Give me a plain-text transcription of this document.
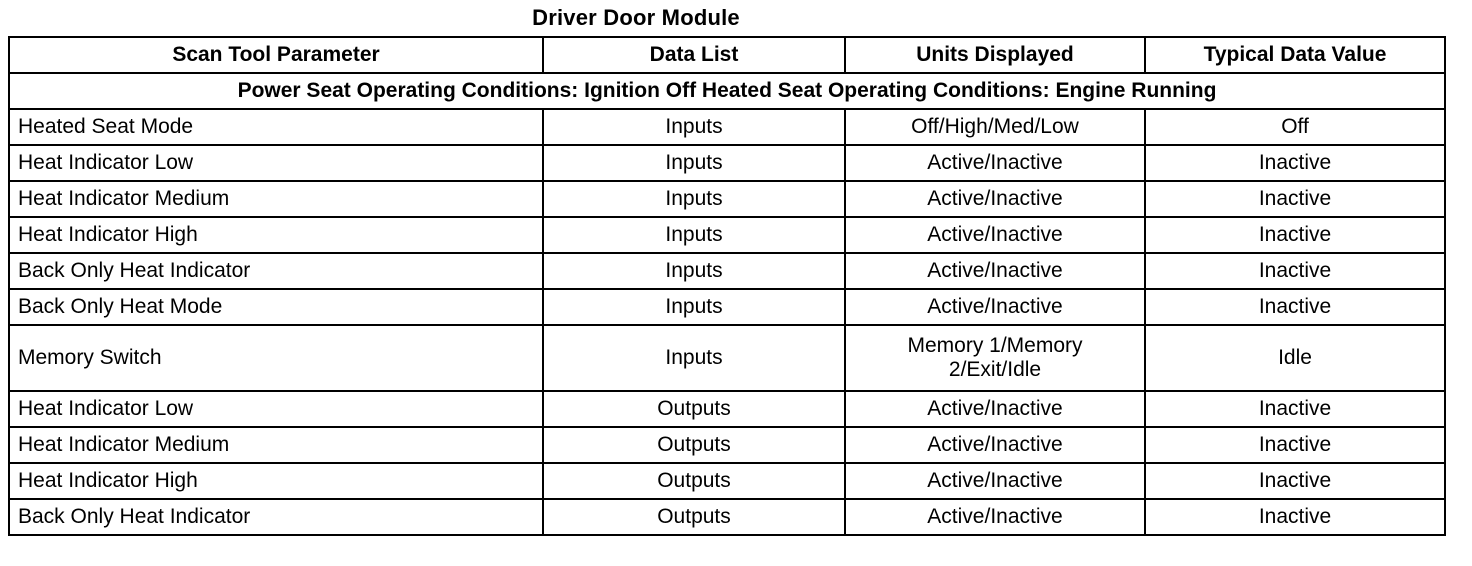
Driver Door Module
Scan Tool Parameter	Data List	Units Displayed	Typical Data Value
Power Seat Operating Conditions: Ignition Off Heated Seat Operating Conditions: Engine Running			
Heated Seat Mode	Inputs	Off/High/Med/Low	Off
Heat Indicator Low	Inputs	Active/Inactive	Inactive
Heat Indicator Medium	Inputs	Active/Inactive	Inactive
Heat Indicator High	Inputs	Active/Inactive	Inactive
Back Only Heat Indicator	Inputs	Active/Inactive	Inactive
Back Only Heat Mode	Inputs	Active/Inactive	Inactive
Memory Switch	Inputs	Memory 1/Memory 2/Exit/Idle	Idle
Heat Indicator Low	Outputs	Active/Inactive	Inactive
Heat Indicator Medium	Outputs	Active/Inactive	Inactive
Heat Indicator High	Outputs	Active/Inactive	Inactive
Back Only Heat Indicator	Outputs	Active/Inactive	Inactive
